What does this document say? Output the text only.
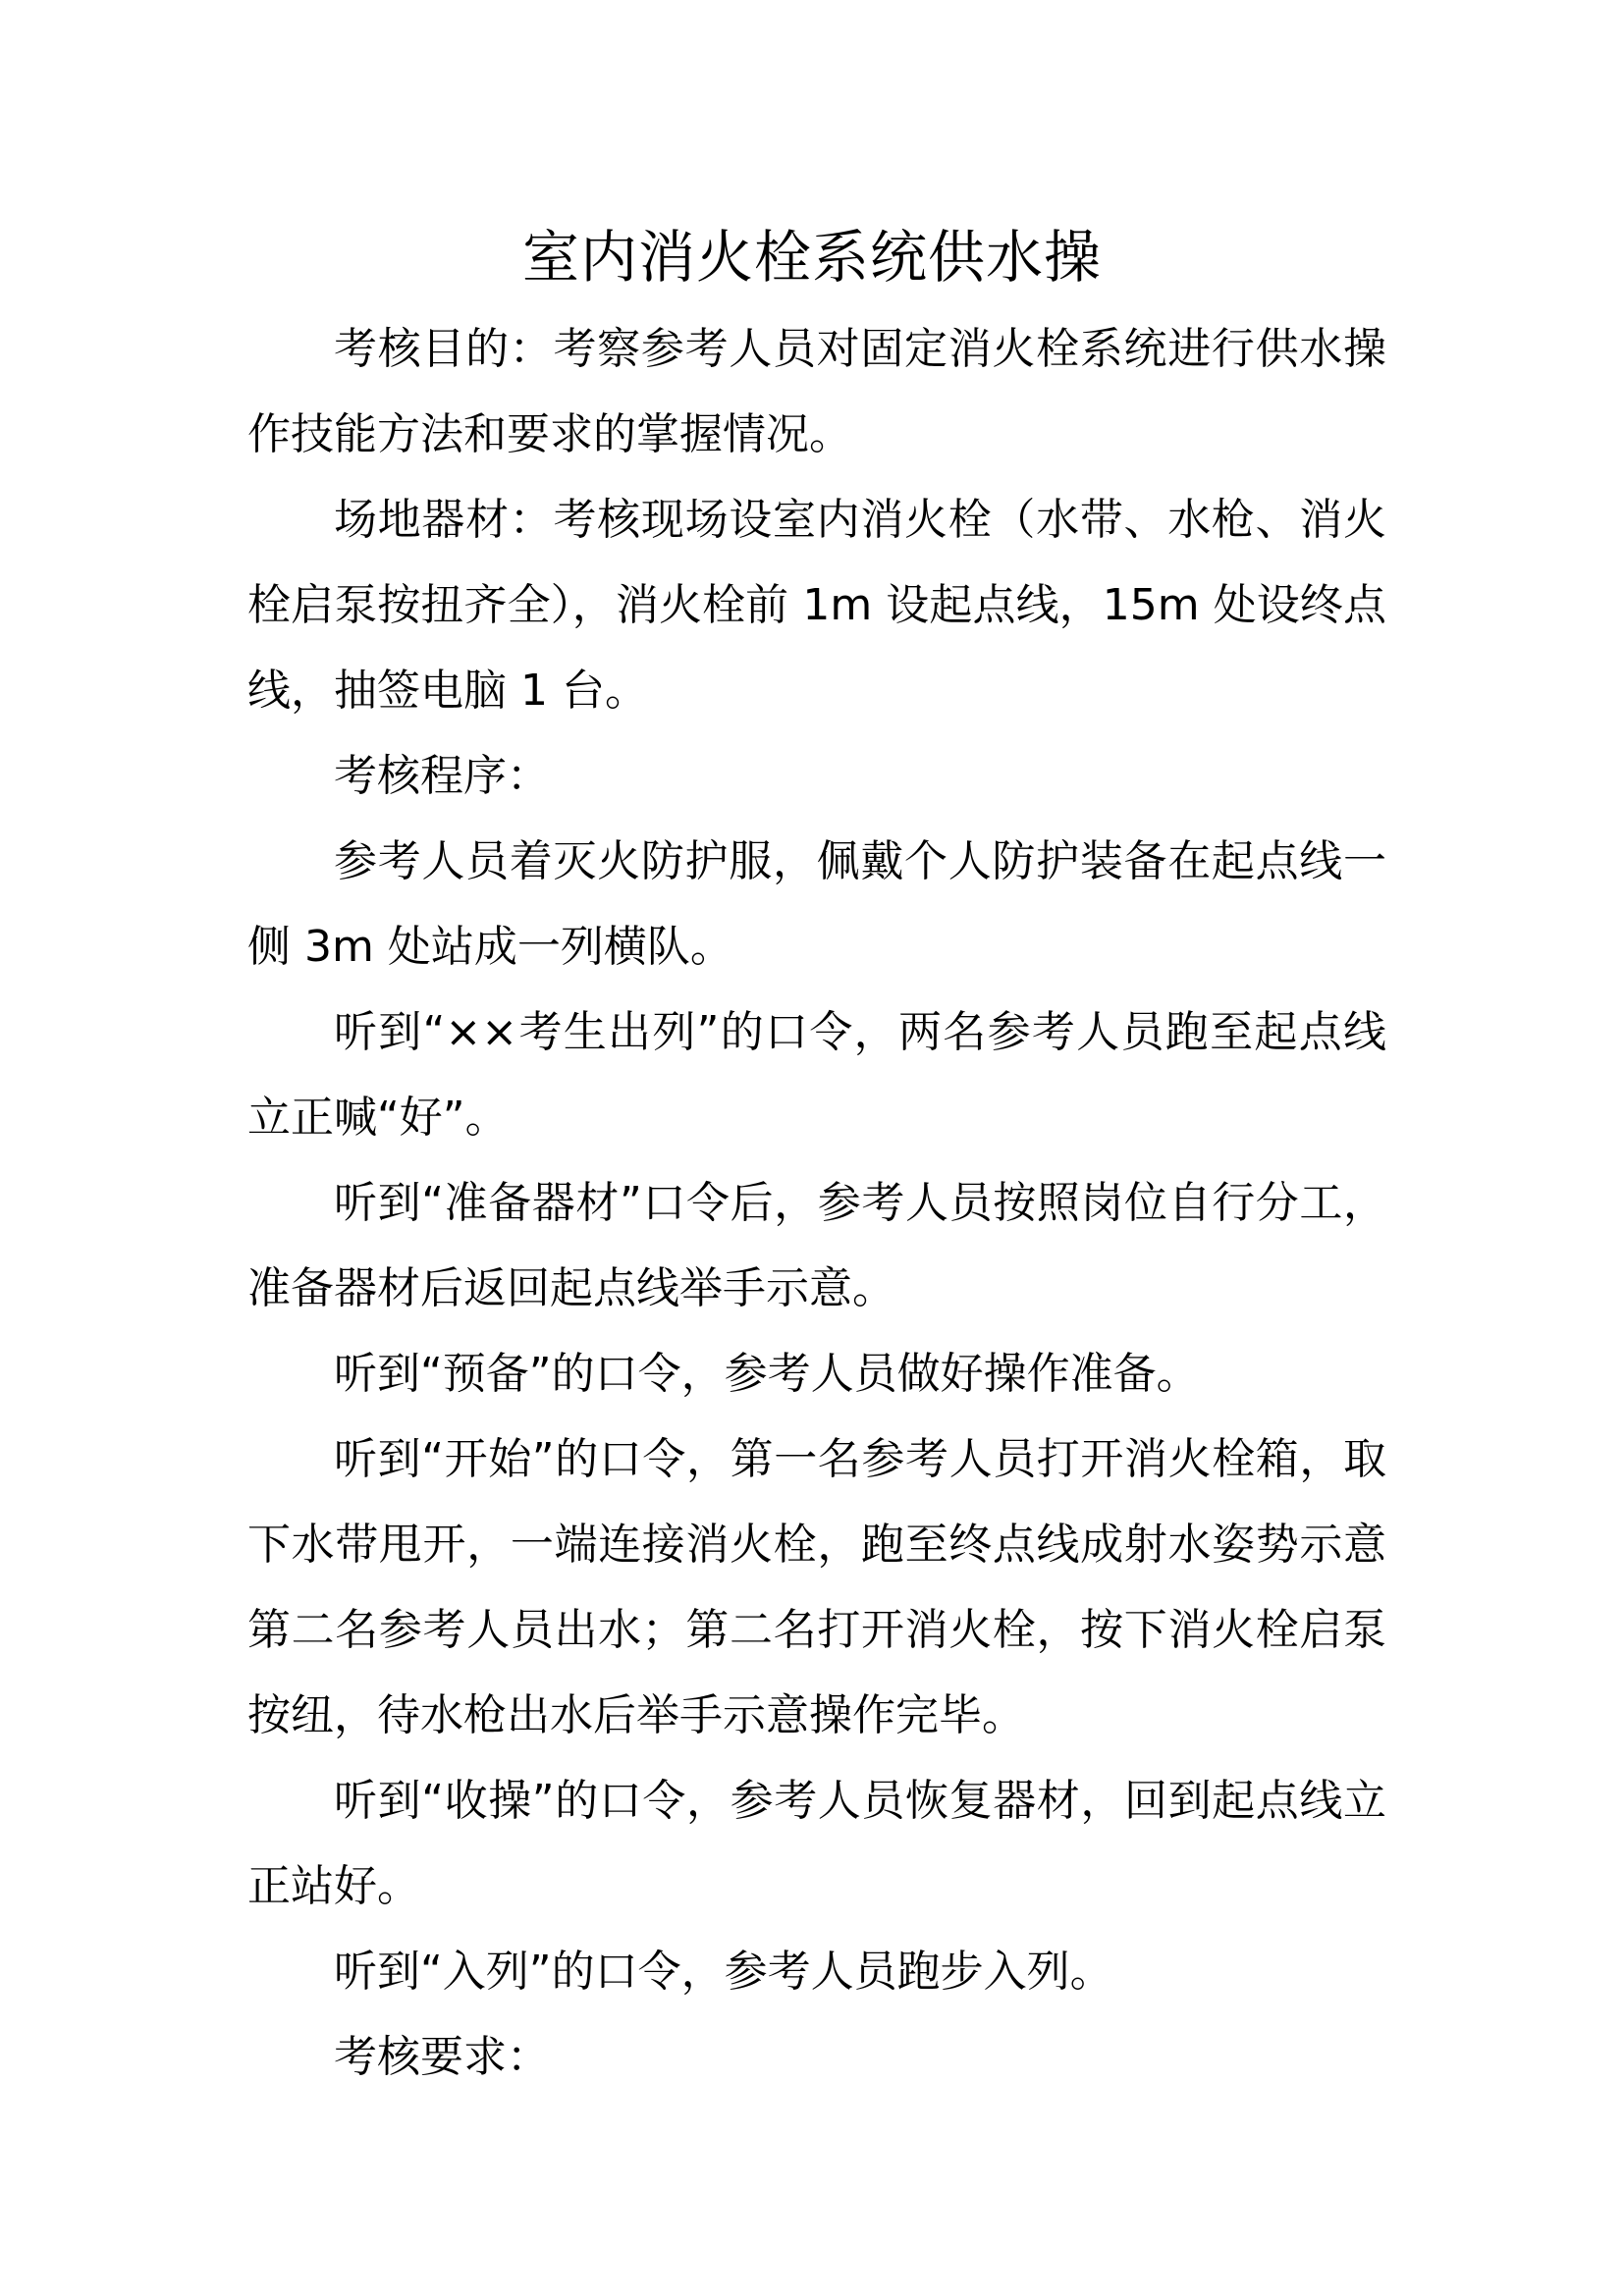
室内消火栓系统供水操

考核目的：考察参考人员对固定消火栓系统进行供水操作技能方法和要求的掌握情况。

场地器材：考核现场设室内消火栓（水带、水枪、消火栓启泵按扭齐全），消火栓前 1m 设起点线，15m 处设终点线，抽签电脑 1 台。

考核程序：

参考人员着灭火防护服，佩戴个人防护装备在起点线一侧 3m 处站成一列横队。

听到“××考生出列”的口令，两名参考人员跑至起点线立正喊“好”。

听到“准备器材”口令后，参考人员按照岗位自行分工，准备器材后返回起点线举手示意。

听到“预备”的口令，参考人员做好操作准备。

听到“开始”的口令，第一名参考人员打开消火栓箱，取下水带甩开，一端连接消火栓，跑至终点线成射水姿势示意第二名参考人员出水；第二名打开消火栓，按下消火栓启泵按纽，待水枪出水后举手示意操作完毕。

听到“收操”的口令，参考人员恢复器材，回到起点线立正站好。

听到“入列”的口令，参考人员跑步入列。

考核要求：
